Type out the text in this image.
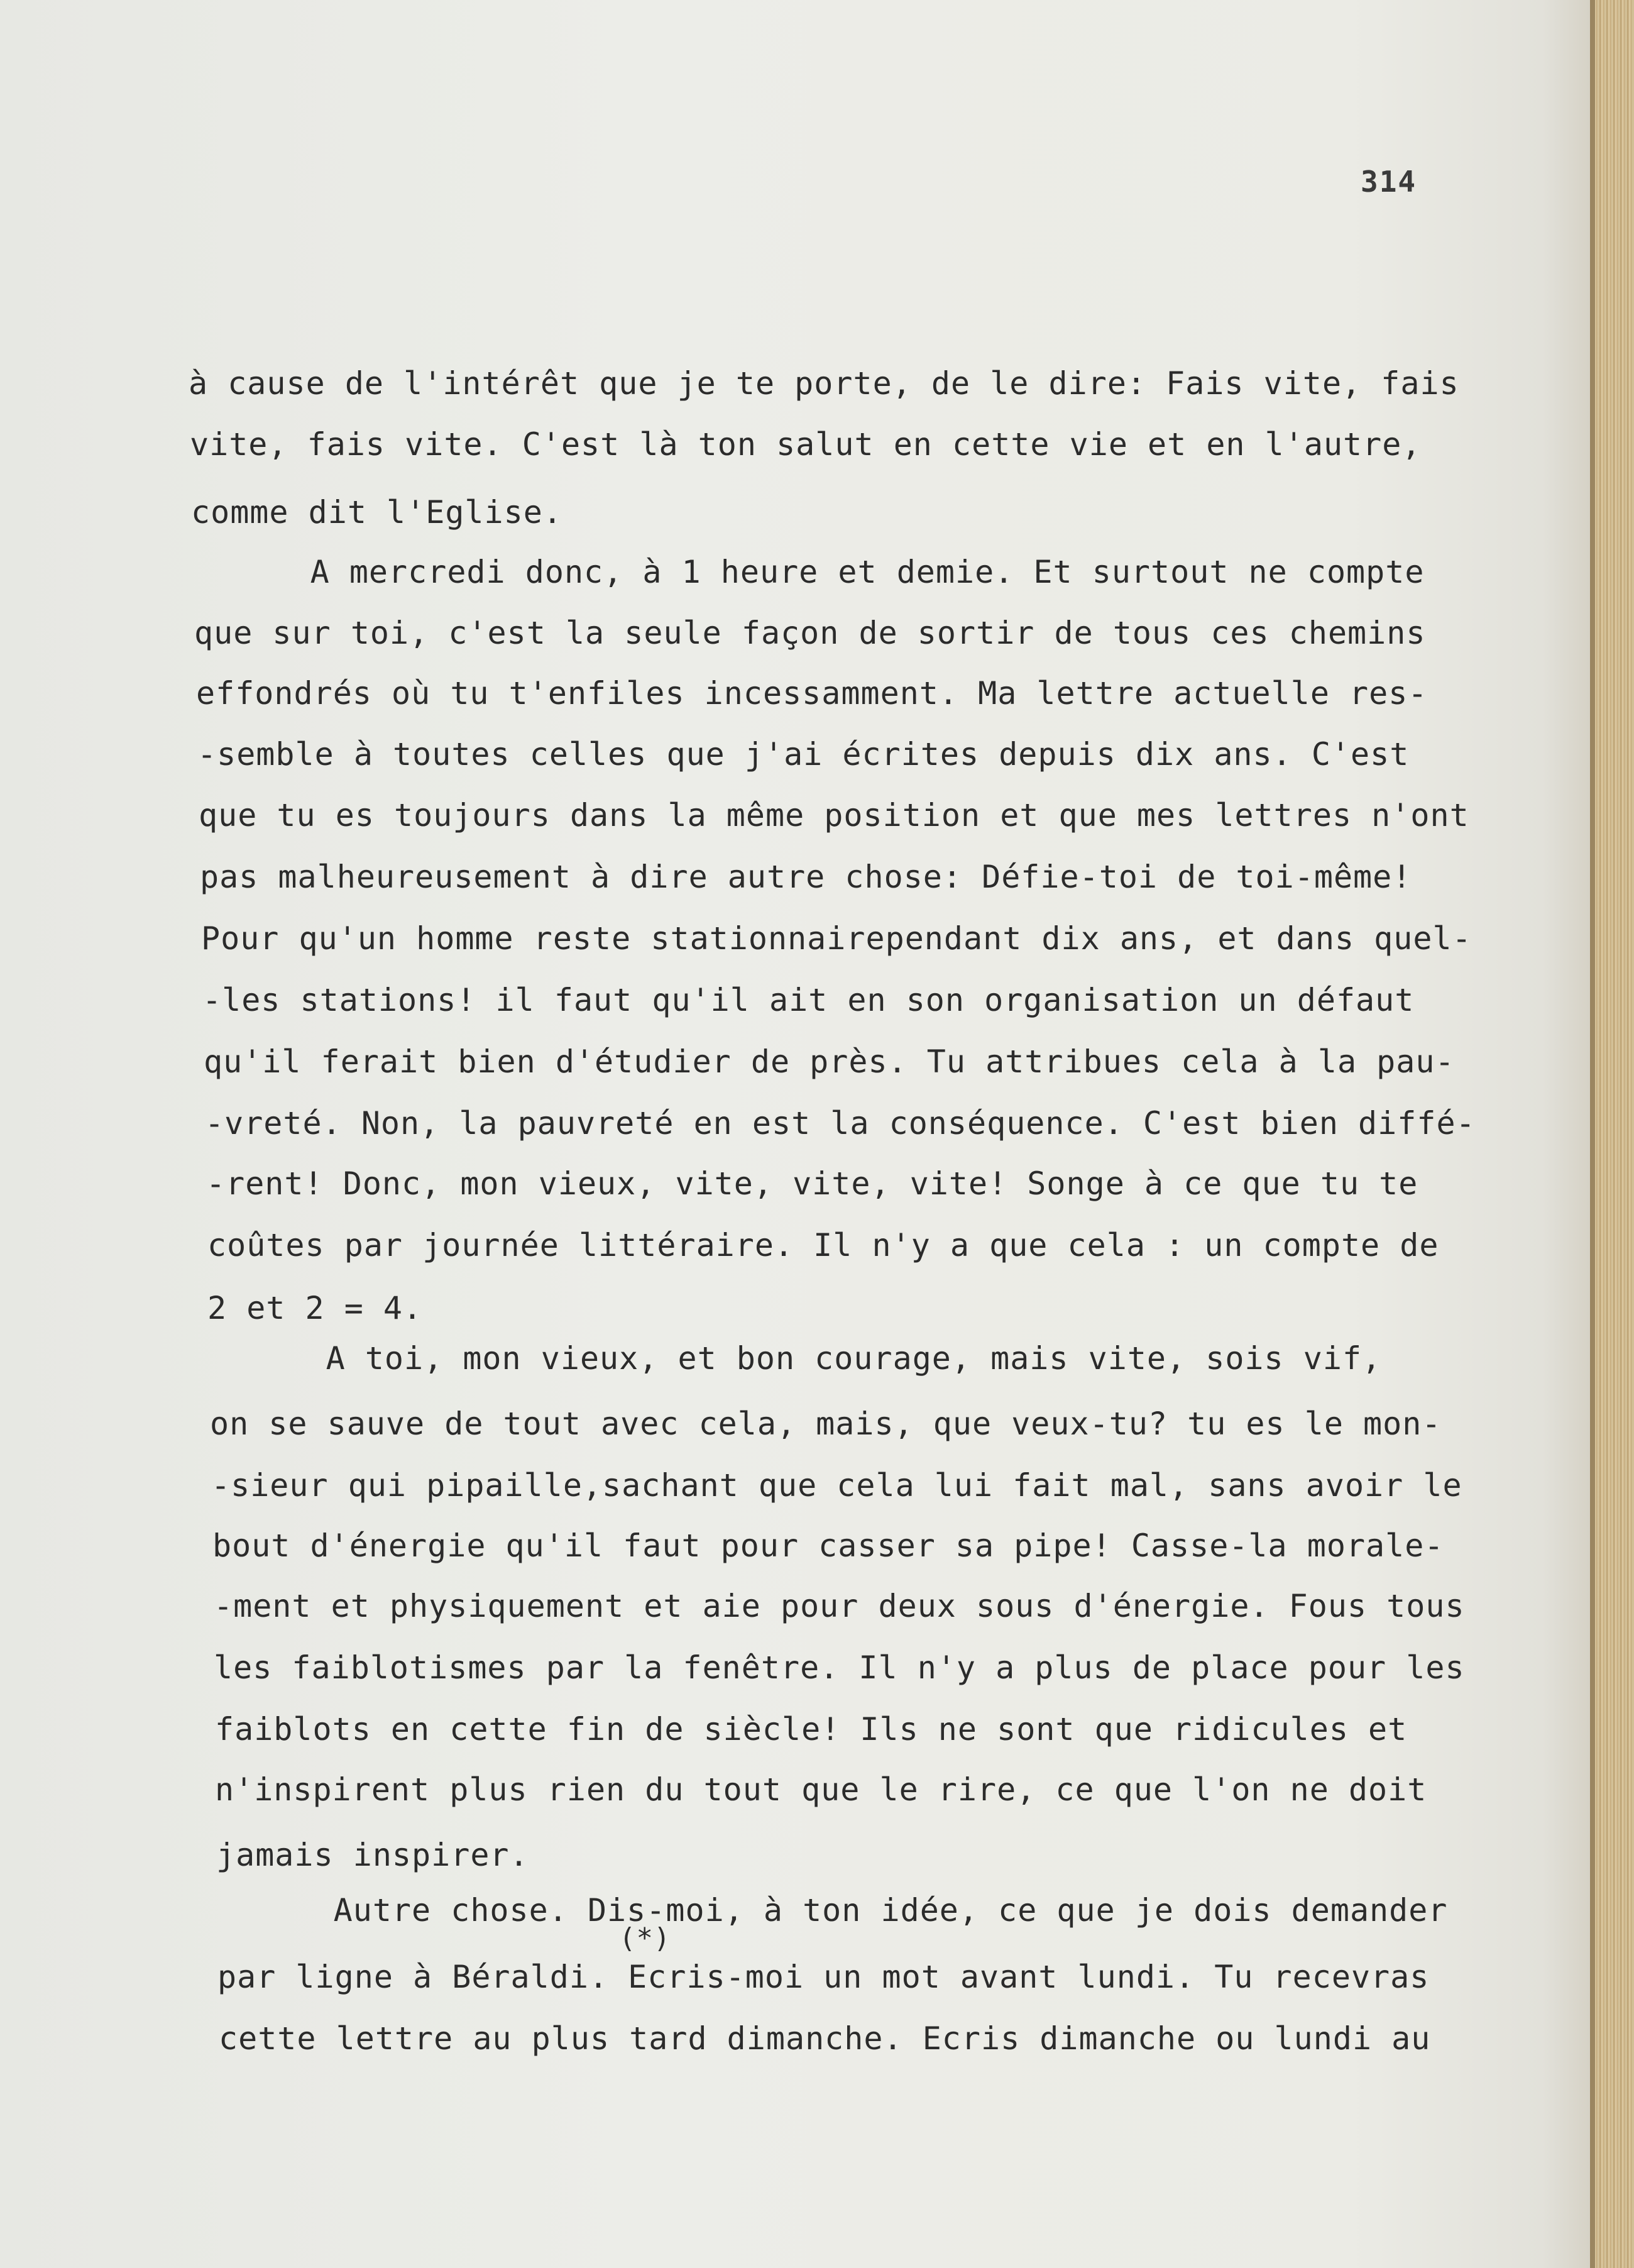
314
à cause de l'intérêt que je te porte, de le dire: Fais vite, fais
vite, fais vite. C'est là ton salut en cette vie et en l'autre,
comme dit l'Eglise.
A mercredi donc, à 1 heure et demie. Et surtout ne compte
que sur toi, c'est la seule façon de sortir de tous ces chemins
effondrés où tu t'enfiles incessamment. Ma lettre actuelle res-
-semble à toutes celles que j'ai écrites depuis dix ans. C'est
que tu es toujours dans la même position et que mes lettres n'ont
pas malheureusement à dire autre chose: Défie-toi de toi-même!
Pour qu'un homme reste stationnairependant dix ans, et dans quel-
-les stations! il faut qu'il ait en son organisation un défaut
qu'il ferait bien d'étudier de près. Tu attribues cela à la pau-
-vreté. Non, la pauvreté en est la conséquence. C'est bien diffé-
-rent! Donc, mon vieux, vite, vite, vite! Songe à ce que tu te
coûtes par journée littéraire. Il n'y a que cela : un compte de
2 et 2 = 4.
A toi, mon vieux, et bon courage, mais vite, sois vif,
on se sauve de tout avec cela, mais, que veux-tu? tu es le mon-
-sieur qui pipaille,sachant que cela lui fait mal, sans avoir le
bout d'énergie qu'il faut pour casser sa pipe! Casse-la morale-
-ment et physiquement et aie pour deux sous d'énergie. Fous tous
les faiblotismes par la fenêtre. Il n'y a plus de place pour les
faiblots en cette fin de siècle! Ils ne sont que ridicules et
n'inspirent plus rien du tout que le rire, ce que l'on ne doit
jamais inspirer.
Autre chose. Dis-moi, à ton idée, ce que je dois demander
(*)
par ligne à Béraldi. Ecris-moi un mot avant lundi. Tu recevras
cette lettre au plus tard dimanche. Ecris dimanche ou lundi au
